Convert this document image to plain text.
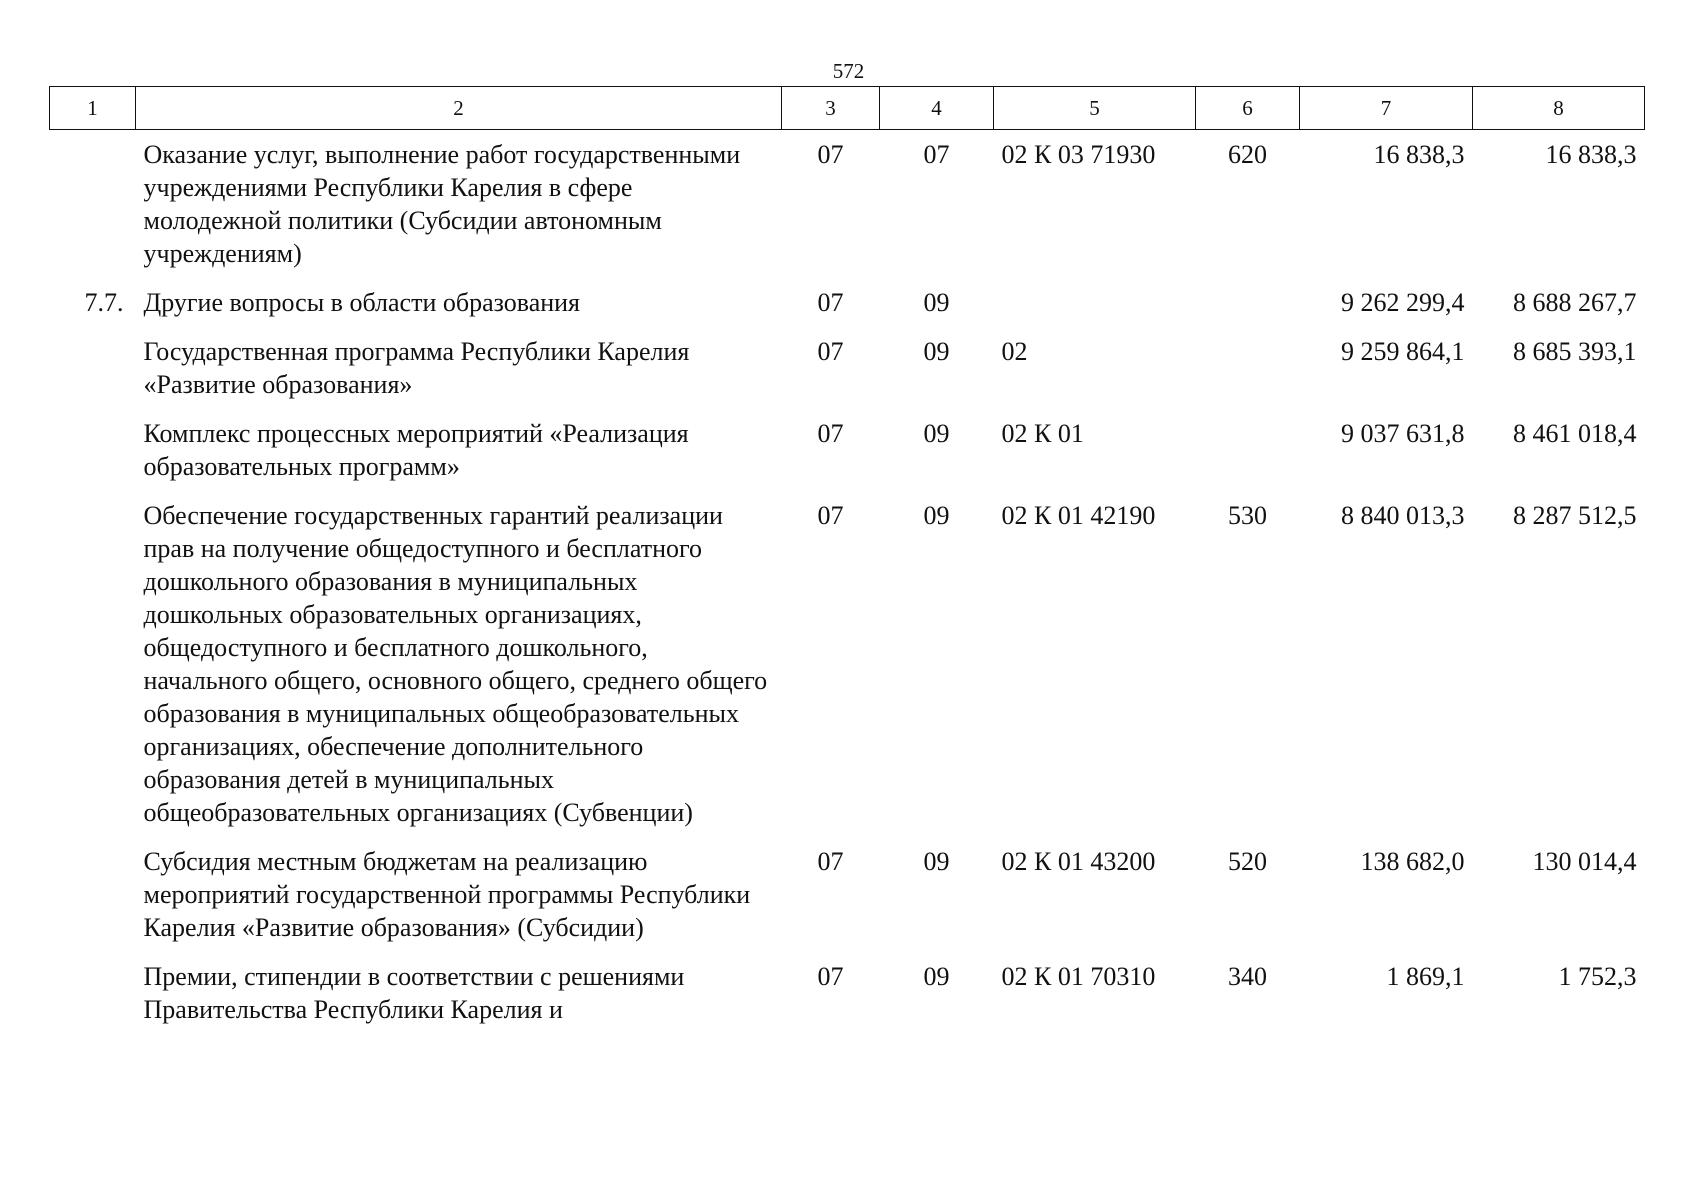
572
1	2	3	4	5	6	7	8
	Оказание услуг, выполнение работ государственными учреждениями Республики Карелия в сфере молодежной политики (Субсидии автономным учреждениям)	07	07	02 К 03 71930	620	16 838,3	16 838,3
7.7.	Другие вопросы в области образования	07	09			9 262 299,4	8 688 267,7
	Государственная программа Республики Карелия «Развитие образования»	07	09	02		9 259 864,1	8 685 393,1
	Комплекс процессных мероприятий «Реализация образовательных программ»	07	09	02 К 01		9 037 631,8	8 461 018,4
	Обеспечение государственных гарантий реализации прав на получение общедоступного и бесплатного дошкольного образования в муниципальных дошкольных образовательных организациях, общедоступного и бесплатного дошкольного, начального общего, основного общего, среднего общего образования в муниципальных общеобразовательных организациях, обеспечение дополнительного образования детей в муниципальных общеобразовательных организациях (Субвенции)	07	09	02 К 01 42190	530	8 840 013,3	8 287 512,5
	Субсидия местным бюджетам на реализацию мероприятий государственной программы Республики Карелия «Развитие образования» (Субсидии)	07	09	02 К 01 43200	520	138 682,0	130 014,4
	Премии, стипендии в соответствии с решениями Правительства Республики Карелия и	07	09	02 К 01 70310	340	1 869,1	1 752,3
